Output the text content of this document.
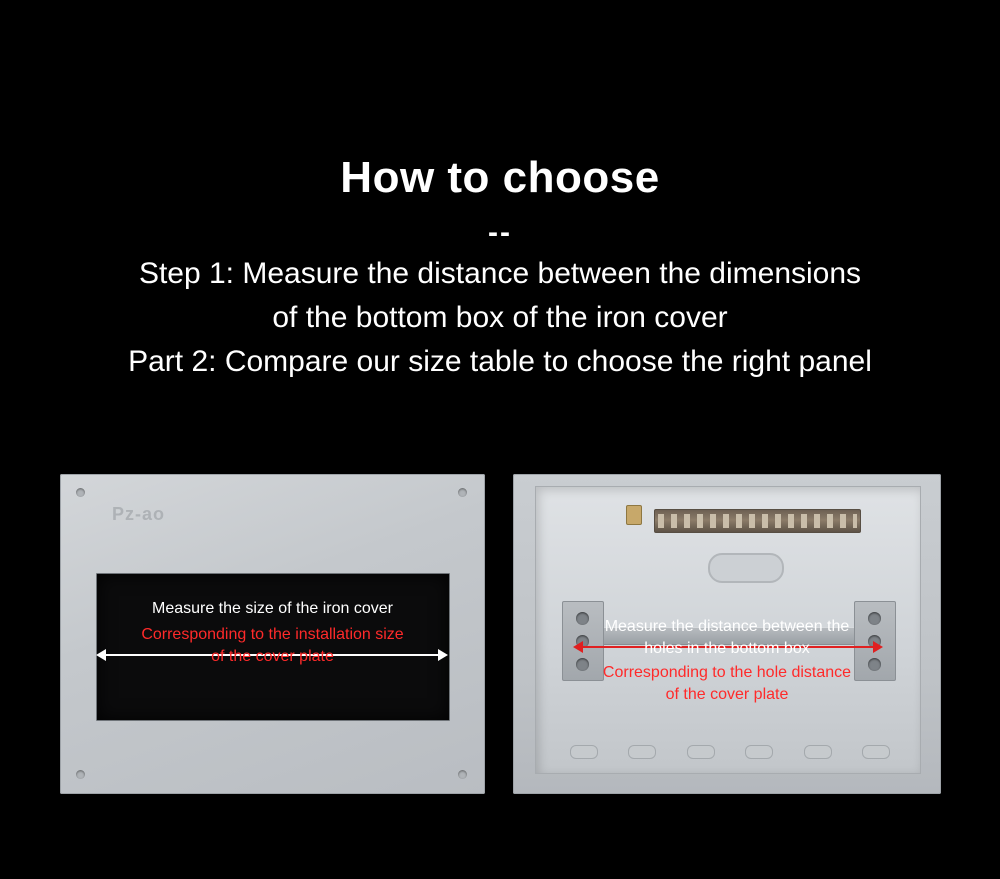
How to choose
--
Step 1: Measure the distance between the dimensions
of the bottom box of the iron cover
Part 2: Compare our size table to choose the right panel
Pz-ao
Measure the size of the iron cover
Corresponding to the installation size
of the cover plate
Measure the distance between the
holes in the bottom box
Corresponding to the hole distance
of the cover plate
